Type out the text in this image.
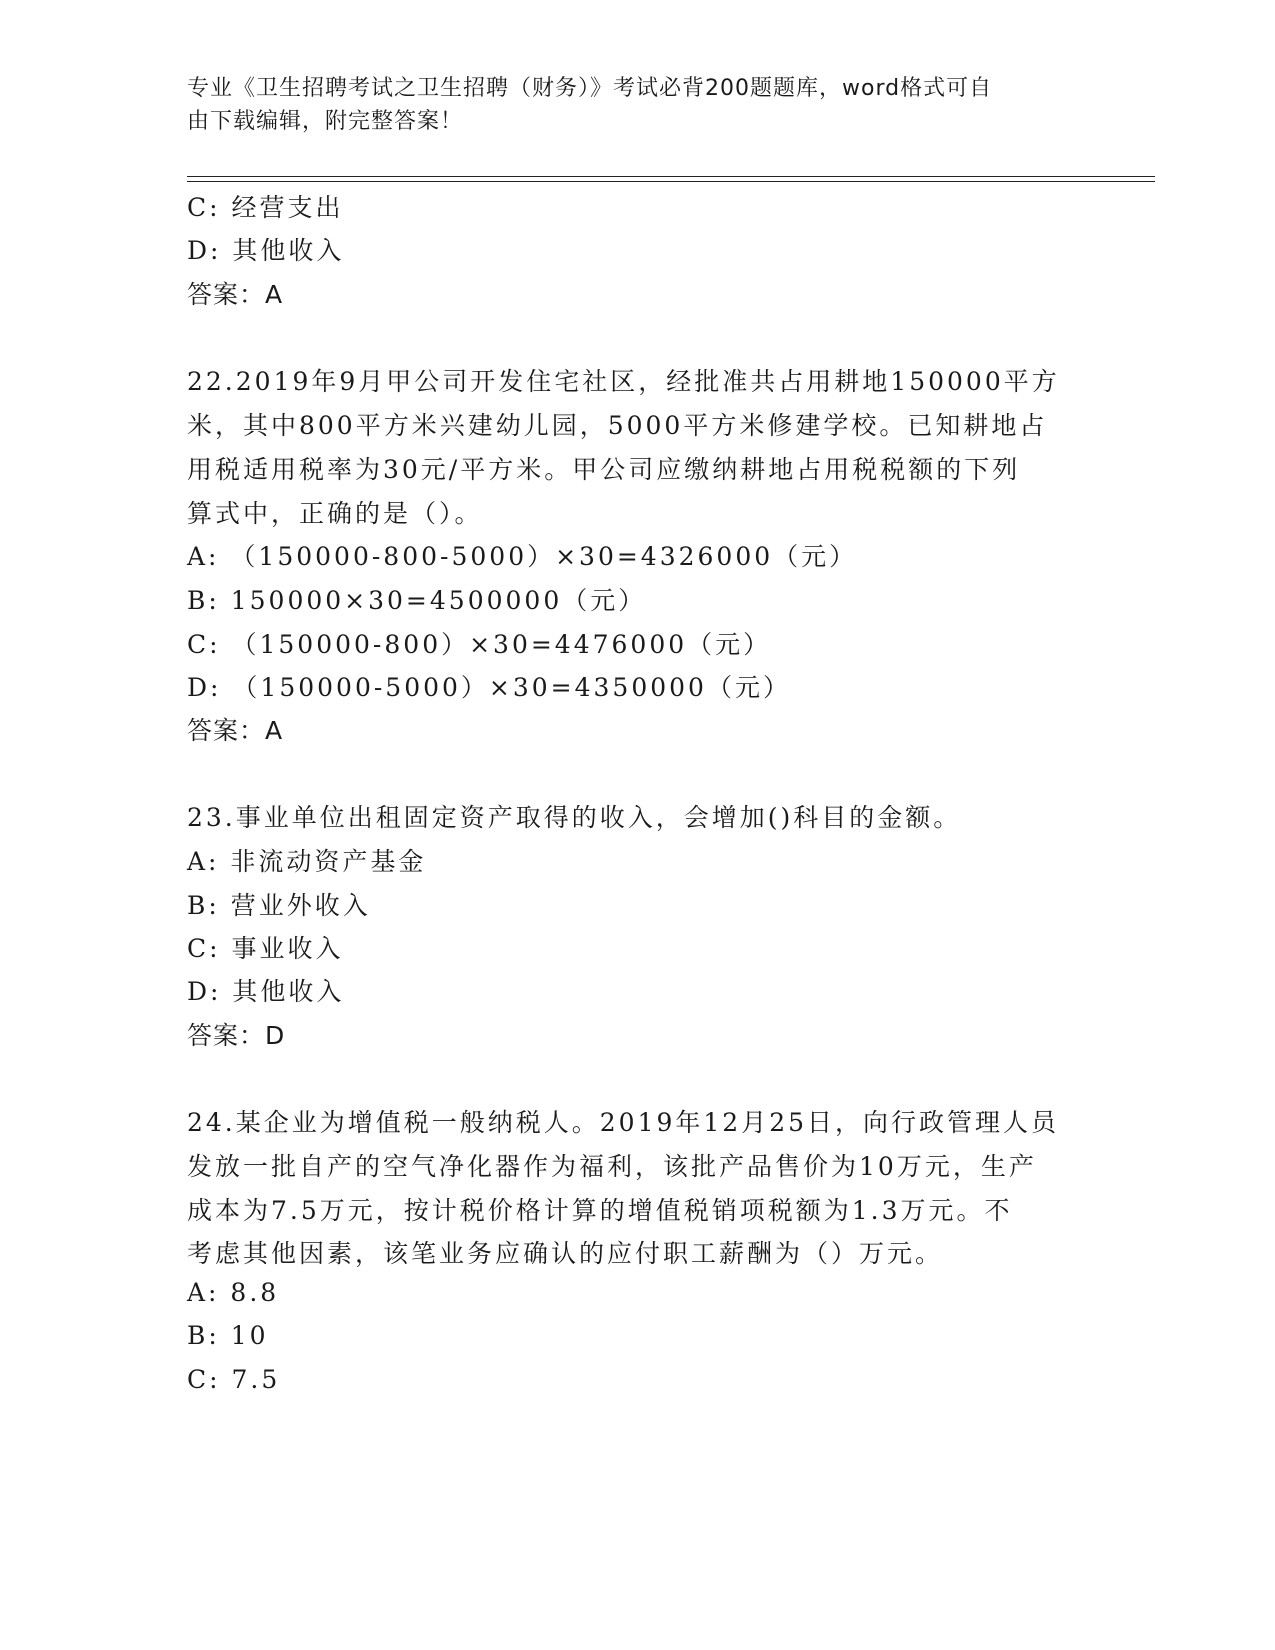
专业《卫生招聘考试之卫生招聘（财务）》考试必背200题题库，word格式可自
由下载编辑，附完整答案！
C: 经营支出
D: 其他收入
答案：A
22.2019年9月甲公司开发住宅社区，经批准共占用耕地150000平方
米，其中800平方米兴建幼儿园，5000平方米修建学校。已知耕地占
用税适用税率为30元/平方米。甲公司应缴纳耕地占用税税额的下列
算式中，正确的是（）。
A: （150000-800-5000）×30=4326000（元）
B: 150000×30=4500000（元）
C: （150000-800）×30=4476000（元）
D: （150000-5000）×30=4350000（元）
答案：A
23.事业单位出租固定资产取得的收入，会增加()科目的金额。
A: 非流动资产基金
B: 营业外收入
C: 事业收入
D: 其他收入
答案：D
24.某企业为增值税一般纳税人。2019年12月25日，向行政管理人员
发放一批自产的空气净化器作为福利，该批产品售价为10万元，生产
成本为7.5万元，按计税价格计算的增值税销项税额为1.3万元。不
考虑其他因素，该笔业务应确认的应付职工薪酬为（）万元。
A: 8.8
B: 10
C: 7.5
